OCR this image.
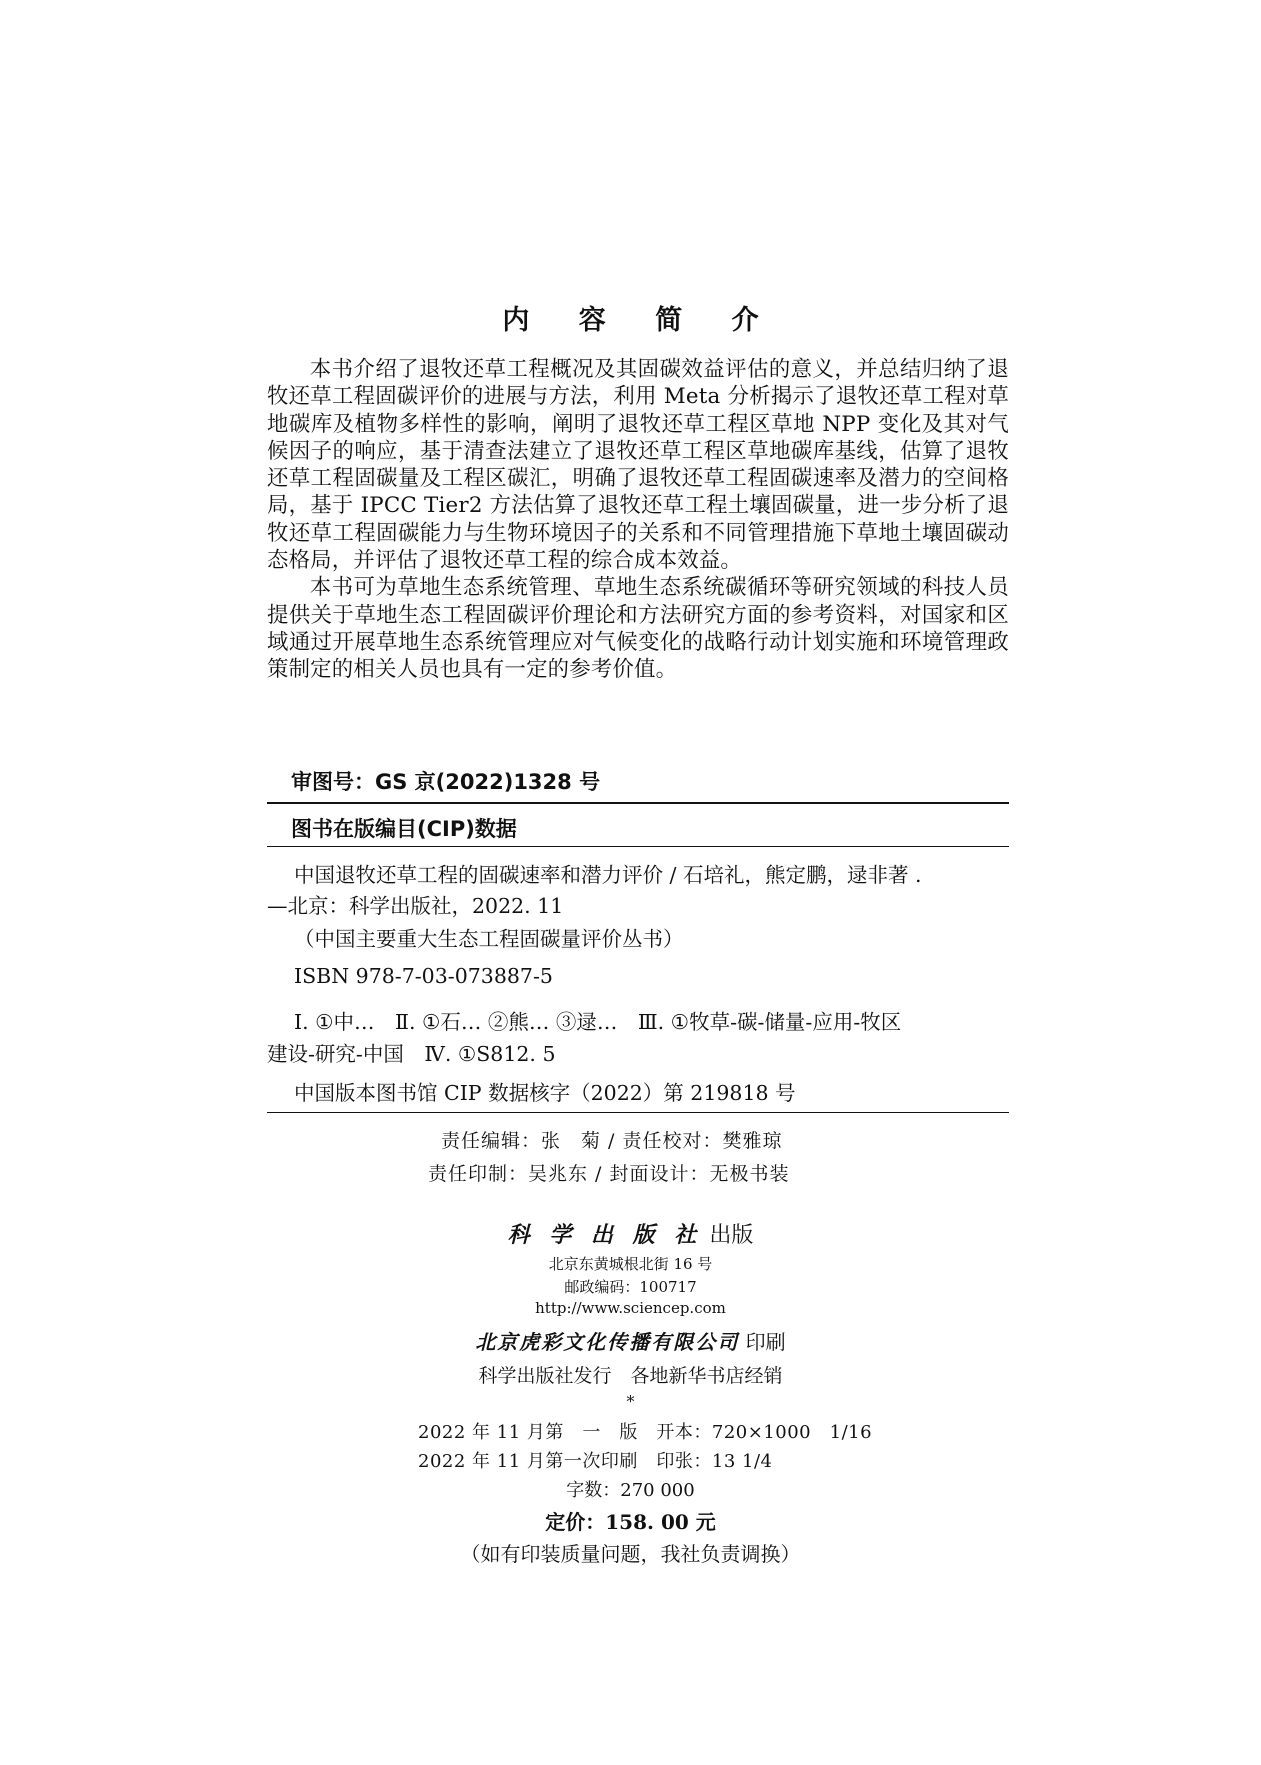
内 容 简 介

本书介绍了退牧还草工程概况及其固碳效益评估的意义，并总结归纳了退牧还草工程固碳评价的进展与方法，利用 Meta 分析揭示了退牧还草工程对草地碳库及植物多样性的影响，阐明了退牧还草工程区草地 NPP 变化及其对气候因子的响应，基于清查法建立了退牧还草工程区草地碳库基线，估算了退牧还草工程固碳量及工程区碳汇，明确了退牧还草工程固碳速率及潜力的空间格局，基于 IPCC Tier2 方法估算了退牧还草工程土壤固碳量，进一步分析了退牧还草工程固碳能力与生物环境因子的关系和不同管理措施下草地土壤固碳动态格局，并评估了退牧还草工程的综合成本效益。

本书可为草地生态系统管理、草地生态系统碳循环等研究领域的科技人员提供关于草地生态工程固碳评价理论和方法研究方面的参考资料，对国家和区域通过开展草地生态系统管理应对气候变化的战略行动计划实施和环境管理政策制定的相关人员也具有一定的参考价值。

审图号：GS 京(2022)1328 号
图书在版编目(CIP)数据
中国退牧还草工程的固碳速率和潜力评价 / 石培礼，熊定鹏，逯非著 .
—北京：科学出版社，2022. 11
（中国主要重大生态工程固碳量评价丛书）
ISBN 978-7-03-073887-5
Ⅰ. ①中…　Ⅱ. ①石… ②熊… ③逯…　Ⅲ. ①牧草-碳-储量-应用-牧区
建设-研究-中国　Ⅳ. ①S812. 5
中国版本图书馆 CIP 数据核字（2022）第 219818 号
责任编辑：张　菊 / 责任校对：樊雅琼
责任印制：吴兆东 / 封面设计：无极书装
科 学 出 版 社 出版
北京东黄城根北街 16 号
邮政编码：100717
http://www.sciencep.com
北京虎彩文化传播有限公司 印刷
科学出版社发行　各地新华书店经销
*
2022 年 11 月第　一　版　开本：720×1000　1/16
2022 年 11 月第一次印刷　印张：13 1/4
字数：270 000
定价：158. 00 元
（如有印装质量问题，我社负责调换）
